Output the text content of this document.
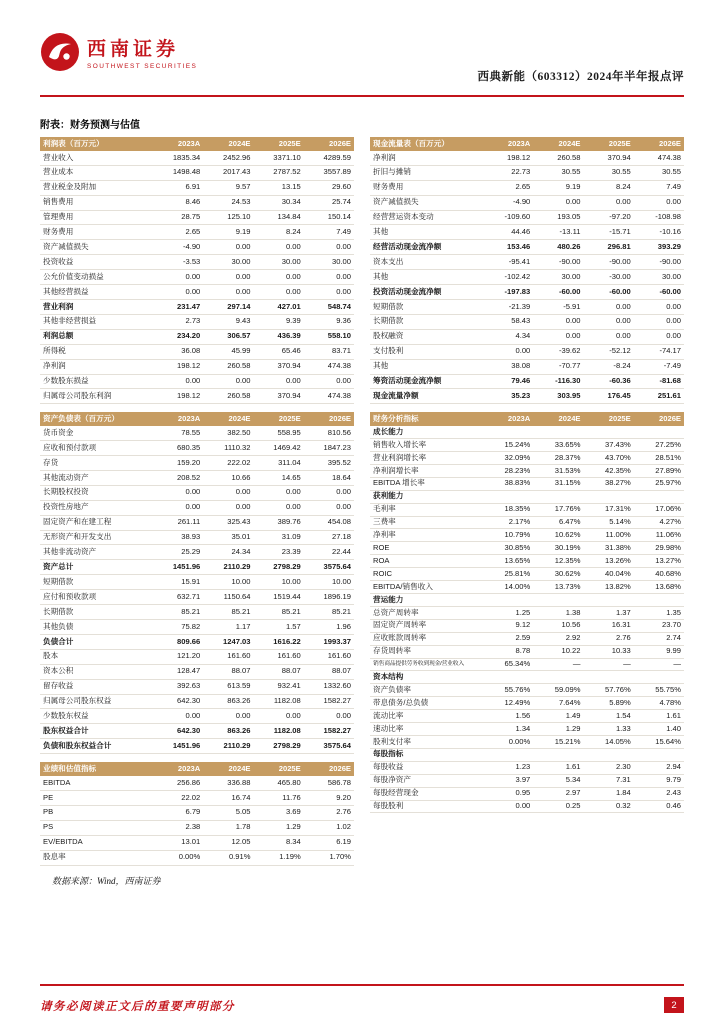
西南证券
SOUTHWEST SECURITIES
西典新能（603312）2024年半年报点评
附表：财务预测与估值
利润表（百万元）	2023A	2024E	2025E	2026E
营业收入	1835.34	2452.96	3371.10	4289.59
营业成本	1498.48	2017.43	2787.52	3557.89
营业税金及附加	6.91	9.57	13.15	29.60
销售费用	8.46	24.53	30.34	25.74
管理费用	28.75	125.10	134.84	150.14
财务费用	2.65	9.19	8.24	7.49
资产减值损失	-4.90	0.00	0.00	0.00
投资收益	-3.53	30.00	30.00	30.00
公允价值变动损益	0.00	0.00	0.00	0.00
其他经营损益	0.00	0.00	0.00	0.00
营业利润	231.47	297.14	427.01	548.74
其他非经营损益	2.73	9.43	9.39	9.36
利润总额	234.20	306.57	436.39	558.10
所得税	36.08	45.99	65.46	83.71
净利润	198.12	260.58	370.94	474.38
少数股东损益	0.00	0.00	0.00	0.00
归属母公司股东利润	198.12	260.58	370.94	474.38
资产负债表（百万元）	2023A	2024E	2025E	2026E
货币资金	78.55	382.50	558.95	810.56
应收和预付款项	680.35	1110.32	1469.42	1847.23
存货	159.20	222.02	311.04	395.52
其他流动资产	208.52	10.66	14.65	18.64
长期股权投资	0.00	0.00	0.00	0.00
投资性房地产	0.00	0.00	0.00	0.00
固定资产和在建工程	261.11	325.43	389.76	454.08
无形资产和开发支出	38.93	35.01	31.09	27.18
其他非流动资产	25.29	24.34	23.39	22.44
资产总计	1451.96	2110.29	2798.29	3575.64
短期借款	15.91	10.00	10.00	10.00
应付和预收款项	632.71	1150.64	1519.44	1896.19
长期借款	85.21	85.21	85.21	85.21
其他负债	75.82	1.17	1.57	1.96
负债合计	809.66	1247.03	1616.22	1993.37
股本	121.20	161.60	161.60	161.60
资本公积	128.47	88.07	88.07	88.07
留存收益	392.63	613.59	932.41	1332.60
归属母公司股东权益	642.30	863.26	1182.08	1582.27
少数股东权益	0.00	0.00	0.00	0.00
股东权益合计	642.30	863.26	1182.08	1582.27
负债和股东权益合计	1451.96	2110.29	2798.29	3575.64
业绩和估值指标	2023A	2024E	2025E	2026E
EBITDA	256.86	336.88	465.80	586.78
PE	22.02	16.74	11.76	9.20
PB	6.79	5.05	3.69	2.76
PS	2.38	1.78	1.29	1.02
EV/EBITDA	13.01	12.05	8.34	6.19
股息率	0.00%	0.91%	1.19%	1.70%
数据来源：Wind，西南证券
现金流量表（百万元）	2023A	2024E	2025E	2026E
净利润	198.12	260.58	370.94	474.38
折旧与摊销	22.73	30.55	30.55	30.55
财务费用	2.65	9.19	8.24	7.49
资产减值损失	-4.90	0.00	0.00	0.00
经营营运资本变动	-109.60	193.05	-97.20	-108.98
其他	44.46	-13.11	-15.71	-10.16
经营活动现金流净额	153.46	480.26	296.81	393.29
资本支出	-95.41	-90.00	-90.00	-90.00
其他	-102.42	30.00	-30.00	30.00
投资活动现金流净额	-197.83	-60.00	-60.00	-60.00
短期借款	-21.39	-5.91	0.00	0.00
长期借款	58.43	0.00	0.00	0.00
股权融资	4.34	0.00	0.00	0.00
支付股利	0.00	-39.62	-52.12	-74.17
其他	38.08	-70.77	-8.24	-7.49
筹资活动现金流净额	79.46	-116.30	-60.36	-81.68
现金流量净额	35.23	303.95	176.45	251.61
财务分析指标	2023A	2024E	2025E	2026E
成长能力				
销售收入增长率	15.24%	33.65%	37.43%	27.25%
营业利润增长率	32.09%	28.37%	43.70%	28.51%
净利润增长率	28.23%	31.53%	42.35%	27.89%
EBITDA 增长率	38.83%	31.15%	38.27%	25.97%
获利能力				
毛利率	18.35%	17.76%	17.31%	17.06%
三费率	2.17%	6.47%	5.14%	4.27%
净利率	10.79%	10.62%	11.00%	11.06%
ROE	30.85%	30.19%	31.38%	29.98%
ROA	13.65%	12.35%	13.26%	13.27%
ROIC	25.81%	30.62%	40.04%	40.68%
EBITDA/销售收入	14.00%	13.73%	13.82%	13.68%
营运能力				
总资产周转率	1.25	1.38	1.37	1.35
固定资产周转率	9.12	10.56	16.31	23.70
应收账款周转率	2.59	2.92	2.76	2.74
存货周转率	8.78	10.22	10.33	9.99
销售商品提供劳务收到现金/营业收入	65.34%	—	—	—
资本结构				
资产负债率	55.76%	59.09%	57.76%	55.75%
带息债务/总负债	12.49%	7.64%	5.89%	4.78%
流动比率	1.56	1.49	1.54	1.61
速动比率	1.34	1.29	1.33	1.40
股利支付率	0.00%	15.21%	14.05%	15.64%
每股指标				
每股收益	1.23	1.61	2.30	2.94
每股净资产	3.97	5.34	7.31	9.79
每股经营现金	0.95	2.97	1.84	2.43
每股股利	0.00	0.25	0.32	0.46
请务必阅读正文后的重要声明部分	2
